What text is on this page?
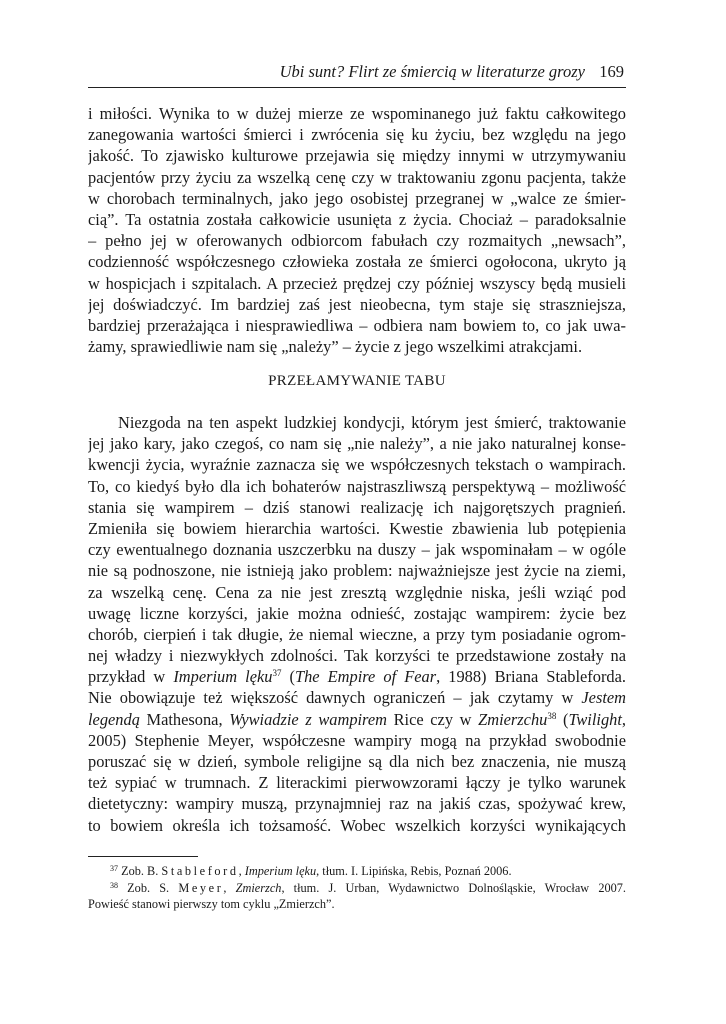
Ubi sunt? Flirt ze śmiercią w literaturze grozy 169
i miłości. Wynika to w dużej mierze ze wspominanego już faktu całkowitego
zanegowania wartości śmierci i zwrócenia się ku życiu, bez względu na jego
jakość. To zjawisko kulturowe przejawia się między innymi w utrzymywaniu
pacjentów przy życiu za wszelką cenę czy w traktowaniu zgonu pacjenta, także
w chorobach terminalnych, jako jego osobistej przegranej w „walce ze śmier-
cią”. Ta ostatnia została całkowicie usunięta z życia. Chociaż – paradoksalnie
– pełno jej w oferowanych odbiorcom fabułach czy rozmaitych „newsach”,
codzienność współczesnego człowieka została ze śmierci ogołocona, ukryto ją
w hospicjach i szpitalach. A przecież prędzej czy później wszyscy będą musieli
jej doświadczyć. Im bardziej zaś jest nieobecna, tym staje się straszniejsza,
bardziej przerażająca i niesprawiedliwa – odbiera nam bowiem to, co jak uwa-
żamy, sprawiedliwie nam się „należy” – życie z jego wszelkimi atrakcjami.
PRZEŁAMYWANIE TABU
Niezgoda na ten aspekt ludzkiej kondycji, którym jest śmierć, traktowanie
jej jako kary, jako czegoś, co nam się „nie należy”, a nie jako naturalnej konse-
kwencji życia, wyraźnie zaznacza się we współczesnych tekstach o wampirach.
To, co kiedyś było dla ich bohaterów najstraszliwszą perspektywą – możliwość
stania się wampirem – dziś stanowi realizację ich najgorętszych pragnień.
Zmieniła się bowiem hierarchia wartości. Kwestie zbawienia lub potępienia
czy ewentualnego doznania uszczerbku na duszy – jak wspominałam – w ogóle
nie są podnoszone, nie istnieją jako problem: najważniejsze jest życie na ziemi,
za wszelką cenę. Cena za nie jest zresztą względnie niska, jeśli wziąć pod
uwagę liczne korzyści, jakie można odnieść, zostając wampirem: życie bez
chorób, cierpień i tak długie, że niemal wieczne, a przy tym posiadanie ogrom-
nej władzy i niezwykłych zdolności. Tak korzyści te przedstawione zostały na
przykład w Imperium lęku$^{37}$ (The Empire of Fear, 1988) Briana Stableforda.
Nie obowiązuje też większość dawnych ograniczeń – jak czytamy w Jestem
legendą Mathesona, Wywiadzie z wampirem Rice czy w Zmierzchu$^{38}$ (Twilight,
2005) Stephenie Meyer, współczesne wampiry mogą na przykład swobodnie
poruszać się w dzień, symbole religijne są dla nich bez znaczenia, nie muszą
też sypiać w trumnach. Z literackimi pierwowzorami łączy je tylko warunek
dietetyczny: wampiry muszą, przynajmniej raz na jakiś czas, spożywać krew,
to bowiem określa ich tożsamość. Wobec wszelkich korzyści wynikających
$^{37}$ Zob. B. Stableford, Imperium lęku, tłum. I. Lipińska, Rebis, Poznań 2006.
$^{38}$ Zob. S. Meyer, Zmierzch, tłum. J. Urban, Wydawnictwo Dolnośląskie, Wrocław 2007.
Powieść stanowi pierwszy tom cyklu „Zmierzch”.
